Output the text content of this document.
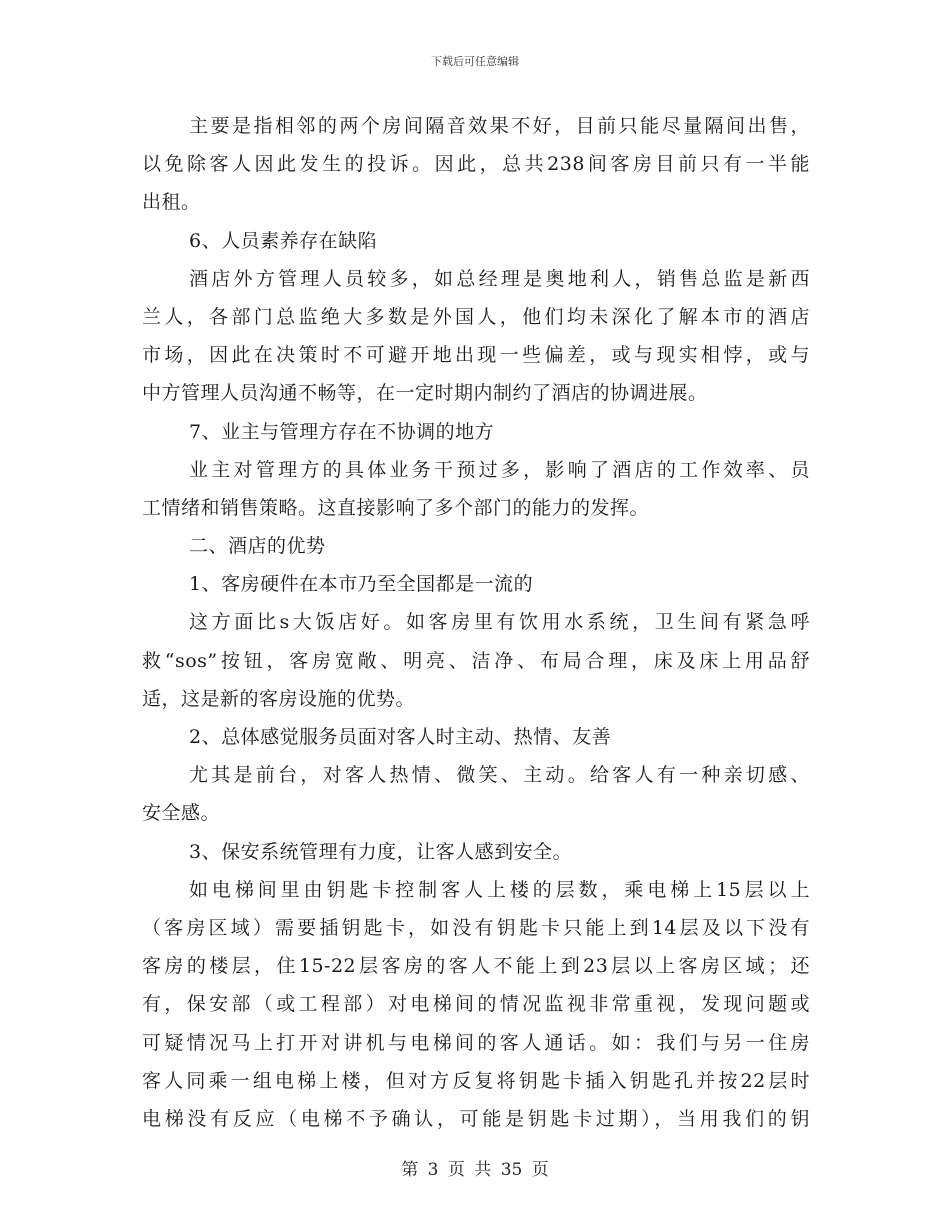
下载后可任意编辑
主要是指相邻的两个房间隔音效果不好，目前只能尽量隔间出售，
以免除客人因此发生的投诉。因此，总共238间客房目前只有一半能
出租。
6、人员素养存在缺陷
酒店外方管理人员较多，如总经理是奥地利人，销售总监是新西
兰人，各部门总监绝大多数是外国人，他们均未深化了解本市的酒店
市场，因此在决策时不可避开地出现一些偏差，或与现实相悖，或与
中方管理人员沟通不畅等，在一定时期内制约了酒店的协调进展。
7、业主与管理方存在不协调的地方
业主对管理方的具体业务干预过多，影响了酒店的工作效率、员
工情绪和销售策略。这直接影响了多个部门的能力的发挥。
二、酒店的优势
1、客房硬件在本市乃至全国都是一流的
这方面比s大饭店好。如客房里有饮用水系统，卫生间有紧急呼
救“sos”按钮，客房宽敞、明亮、洁净、布局合理，床及床上用品舒
适，这是新的客房设施的优势。
2、总体感觉服务员面对客人时主动、热情、友善
尤其是前台，对客人热情、微笑、主动。给客人有一种亲切感、
安全感。
3、保安系统管理有力度，让客人感到安全。
如电梯间里由钥匙卡控制客人上楼的层数，乘电梯上15层以上
（客房区域）需要插钥匙卡，如没有钥匙卡只能上到14层及以下没有
客房的楼层，住15-22层客房的客人不能上到23层以上客房区域；还
有，保安部（或工程部）对电梯间的情况监视非常重视，发现问题或
可疑情况马上打开对讲机与电梯间的客人通话。如：我们与另一住房
客人同乘一组电梯上楼，但对方反复将钥匙卡插入钥匙孔并按22层时
电梯没有反应（电梯不予确认，可能是钥匙卡过期），当用我们的钥
第 3 页 共 35 页
